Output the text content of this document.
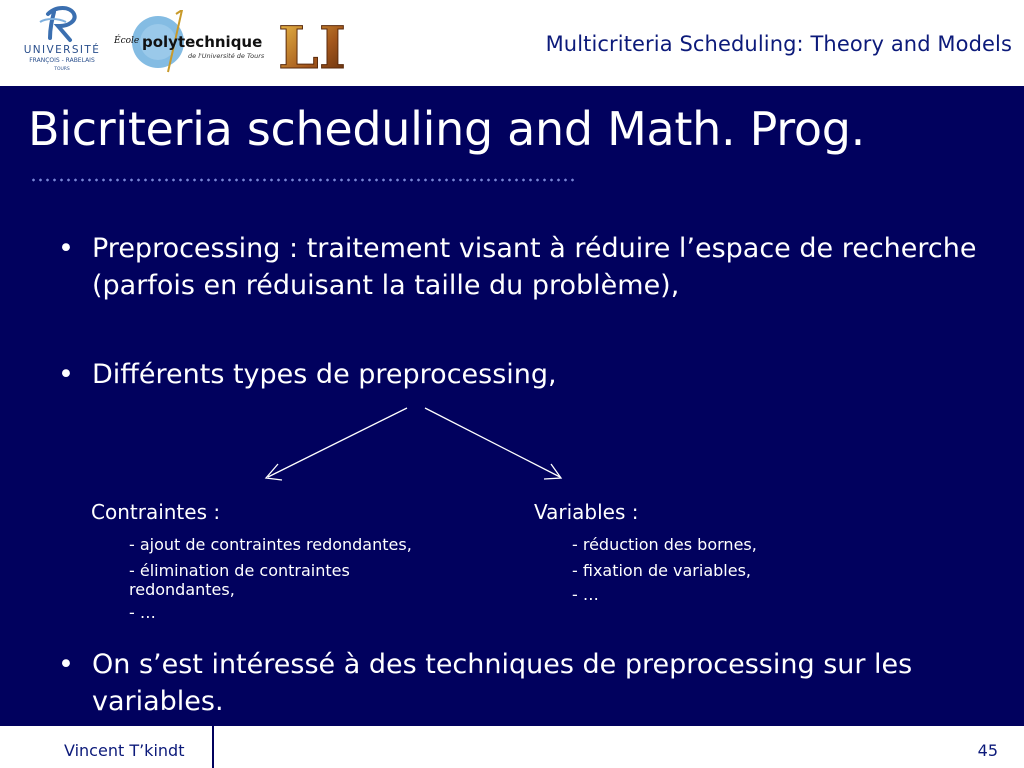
UNIVERSITÉ
FRANÇOIS - RABELAIS
TOURS
École polytechnique
de l'Université de Tours LI	Multicriteria Scheduling: Theory and Models
Bicriteria scheduling and Math. Prog.
• Preprocessing : traitement visant à réduire l’espace de recherche (parfois en réduisant la taille du problème),
• Différents types de preprocessing,
Contraintes :
- ajout de contraintes redondantes,
- élimination de contraintes redondantes,
- …
Variables :
- réduction des bornes,
- fixation de variables,
- …
• On s’est intéressé à des techniques de preprocessing sur les variables.
Vincent T’kindt	45
